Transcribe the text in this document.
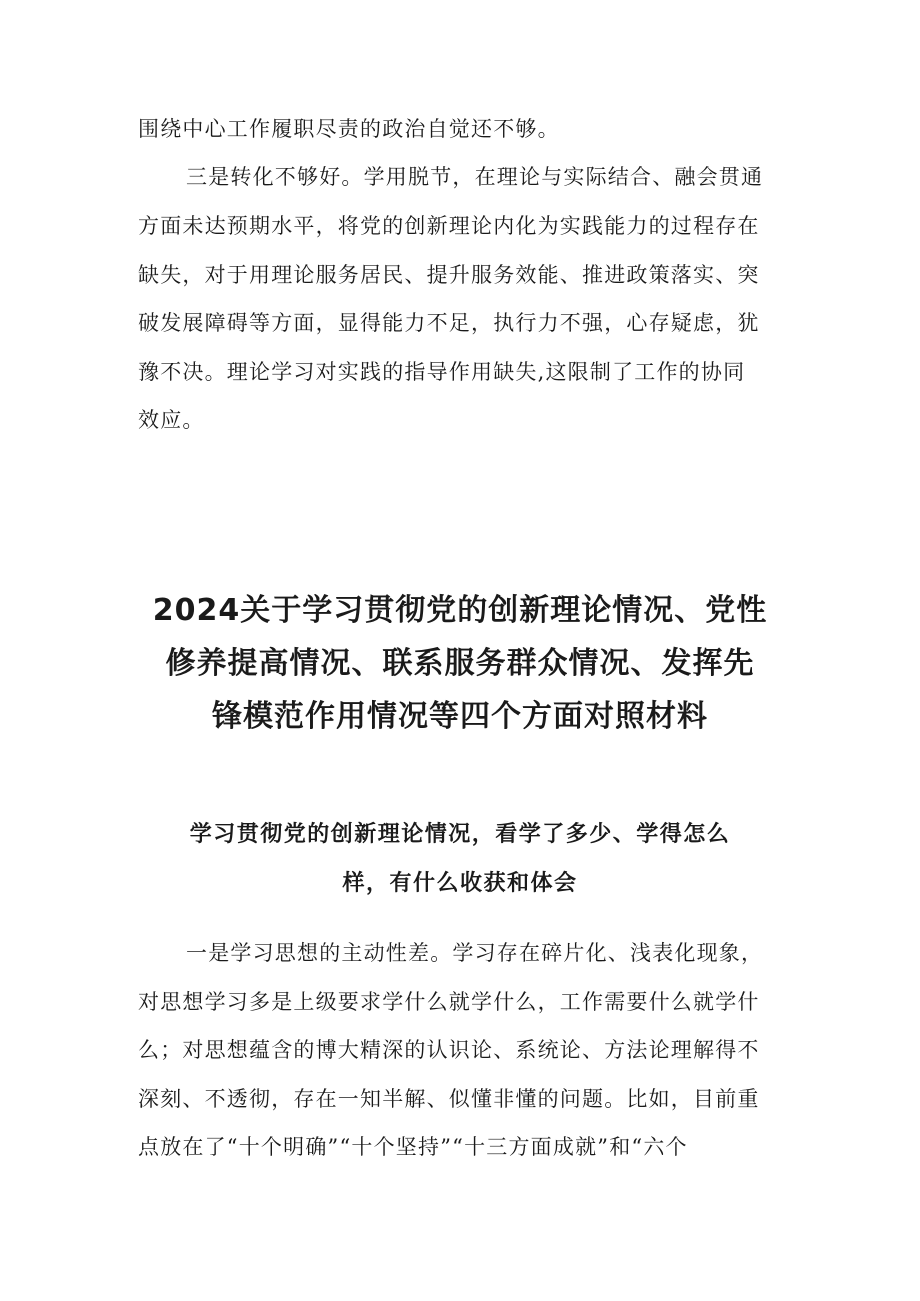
围绕中心工作履职尽责的政治自觉还不够。

三是转化不够好。学用脱节，在理论与实际结合、融会贯通

方面未达预期水平，将党的创新理论内化为实践能力的过程存在

缺失，对于用理论服务居民、提升服务效能、推进政策落实、突

破发展障碍等方面，显得能力不足，执行力不强，心存疑虑，犹

豫不决。理论学习对实践的指导作用缺失,这限制了工作的协同

效应。

2024关于学习贯彻党的创新理论情况、党性
修养提高情况、联系服务群众情况、发挥先
锋模范作用情况等四个方面对照材料
学习贯彻党的创新理论情况，看学了多少、学得怎么
样，有什么收获和体会

一是学习思想的主动性差。学习存在碎片化、浅表化现象，

对思想学习多是上级要求学什么就学什么，工作需要什么就学什

么；对思想蕴含的博大精深的认识论、系统论、方法论理解得不

深刻、不透彻，存在一知半解、似懂非懂的问题。比如，目前重

点放在了“十个明确”“十个坚持”“十三方面成就”和“六个
